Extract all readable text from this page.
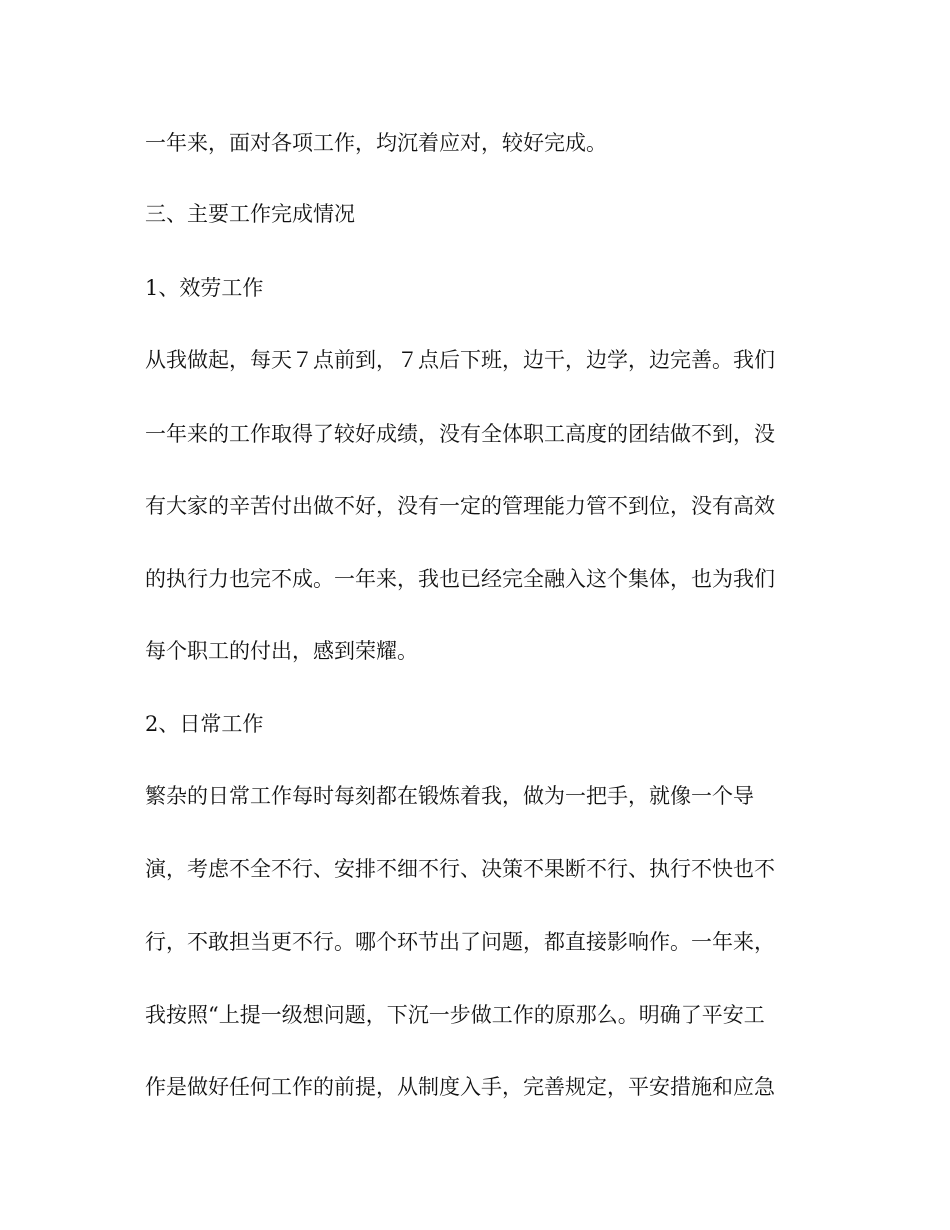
一年来，面对各项工作，均沉着应对，较好完成。

三、主要工作完成情况

1、效劳工作

从我做起，每天７点前到，７点后下班，边干，边学，边完善。我们

一年来的工作取得了较好成绩，没有全体职工高度的团结做不到，没

有大家的辛苦付出做不好，没有一定的管理能力管不到位，没有高效

的执行力也完不成。一年来，我也已经完全融入这个集体，也为我们

每个职工的付出，感到荣耀。

2、日常工作

繁杂的日常工作每时每刻都在锻炼着我，做为一把手，就像一个导

演，考虑不全不行、安排不细不行、决策不果断不行、执行不快也不

行，不敢担当更不行。哪个环节出了问题，都直接影响作。一年来，

我按照“上提一级想问题，下沉一步做工作的原那么。明确了平安工

作是做好任何工作的前提，从制度入手，完善规定，平安措施和应急
